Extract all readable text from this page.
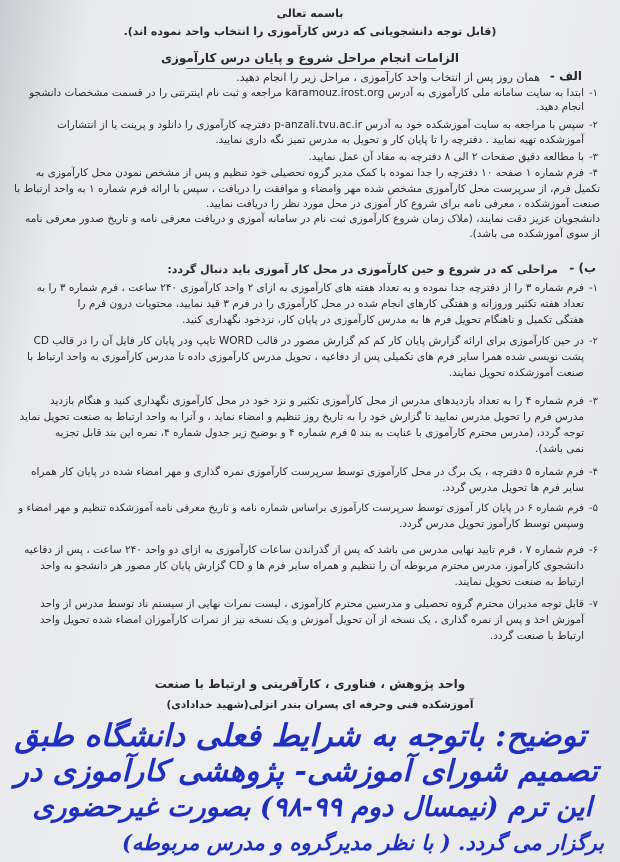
باسمه تعالی
(قابل توجه دانشجویانی که درس کارآموزی را انتخاب واحد نموده اند).
الزامات انجام مراحل شروع و پایان درس کارآموزی
الف -
همان روز پس از انتخاب واحد کارآموزی ، مراحل زیر را انجام دهید.
۱-
ابتدا به سایت سامانه ملی کارآموزی به آدرس karamouz.irost.org مراجعه و ثبت نام اینترنتی را در قسمت مشخصات دانشجو
انجام دهید.
۲-
سپس با مراجعه به سایت آموزشکده خود به آدرس p-anzali.tvu.ac.ir دفترچه کارآموزی را دانلود و پرینت یا از انتشارات
آموزشکده تهیه نمایید . دفترچه را تا پایان کار و تحویل به مدرس تمیز نگه داری نمایید.
۳-
با مطالعه دقیق صفحات ۲ الی ۸ دفترچه به مفاد آن عمل نمایید.
۴-
فرم شماره ۱ صفحه ۱۰ دفترچه را جدا نموده با کمک مدیر گروه تحصیلی خود تنظیم و پس از مشخص نمودن محل کارآموزی به
تکمیل فرم، از سرپرست محل کارآموزی مشخص شده مهر وامضاء و موافقت را دریافت ، سپس با ارائه فرم شماره ۱ به واحد ارتباط با
صنعت آموزشکده ، معرفی نامه برای شروع کار آموزی در محل مورد نظر را دریافت نمایید.
دانشجویان عزیز دقت نمایند، (ملاک زمان شروع کارآموزی ثبت نام در سامانه آموزی و دریافت معرفی نامه و تاریخ صدور معرفی نامه
از سوی آموزشکده می باشد).
ب) -
مراحلی که در شروع و حین کارآموزی در محل کار آموزی باید دنبال گردد:
۱-
فرم شماره ۳ را از دفترچه جدا نموده و به تعداد هفته های کارآموزی به ازای ۲ واحد کارآموزی ۲۴۰ ساعت ، فرم شماره ۳ را به
تعداد هفته تکثیر وروزانه و هفتگی کارهای انجام شده در محل کارآموزی را در فرم ۳ قید نمایید، محتویات درون فرم را
هفتگی تکمیل و ناهنگام تحویل فرم ها به مدرس کارآموزی در پایان کار، نزدخود نگهداری کنید.
۲-
در حین کارآموزی برای ارائه گزارش پایان کار کم کم گزارش مصور در قالب WORD تایپ ودر پایان کار فایل آن را در قالب CD
پشت نویسی شده همرا سایر فرم های تکمیلی پس از دفاعیه ، تحویل مدرس کارآموزی داده تا مدرس کارآموزی به واحد ارتباط با
صنعت آموزشکده تحویل نمایند.
۳-
فرم شماره ۴ را به تعداد بازدیدهای مدرس از محل کارآموزی تکثیر و نزد خود در محل کارآموزی نگهداری کنید و هنگام بازدید
مدرس فرم را تحویل مدرس نمایید تا گزارش خود را به تاریخ روز تنظیم و امضاء نماید ، و آنرا به واحد ارتباط به صنعت تحویل نماید
توجه گردد، (مدرس محترم کارآموزی با عنایت به بند ۵ فرم شماره ۴ و بوضیح زیر جدول شماره ۴، نمره این بند قابل تجزیه
نمی باشد).
۴-
فرم شماره ۵ دفترچه ، یک برگ در محل کارآموزی توسط سرپرست کارآموزی نمره گذاری و مهر امضاء شده در پایان کار همراه
سایر فرم ها تحویل مدرس گردد.
۵-
فرم شماره ۶ در پایان کار آموزی توسط سرپرست کارآموزی براساس شماره نامه و تاریخ معرفی نامه آموزشکده تنظیم و مهر امضاء و
وسپس توسط کارآموز تحویل مدرس گردد.
۶-
فرم شماره ۷ ، فرم تایید نهایی مدرس می باشد که پس از گذراندن ساعات کارآموزی به ازای دو واحد ۲۴۰ ساعت ، پس از دفاعیه
دانشجوی کارآموز، مدرس محترم مربوطه آن را تنظیم و همراه سایر فرم ها و CD گزارش پایان کار مصور هر دانشجو به واحد
ارتباط به صنعت تحویل نمایند.
۷-
قابل توجه مدیران محترم گروه تحصیلی و مدرسین محترم کارآموزی ، لیست نمرات نهایی از سیستم ناد توسط مدرس از واحد
آموزش اخذ و پس از نمره گذاری ، یک نسخه از آن تحویل آموزش و یک نسخه نیز از نمرات کارآموزان امضاء شده تحویل واحد
ارتباط با صنعت گردد.
واحد پژوهش ، فناوری ، کارآفرینی و ارتباط با صنعت
آموزشکده فنی وحرفه ای پسران بندر انزلی(شهید خدادادی)
توضیح: باتوجه به شرایط فعلی دانشگاه طبق
تصمیم شورای آموزشی- پژوهشی کارآموزی در
این ترم (نیمسال دوم ۹۹-۹۸) بصورت غیرحضوری
برگزار می گردد. ( با نظر مدیرگروه و مدرس مربوطه)
